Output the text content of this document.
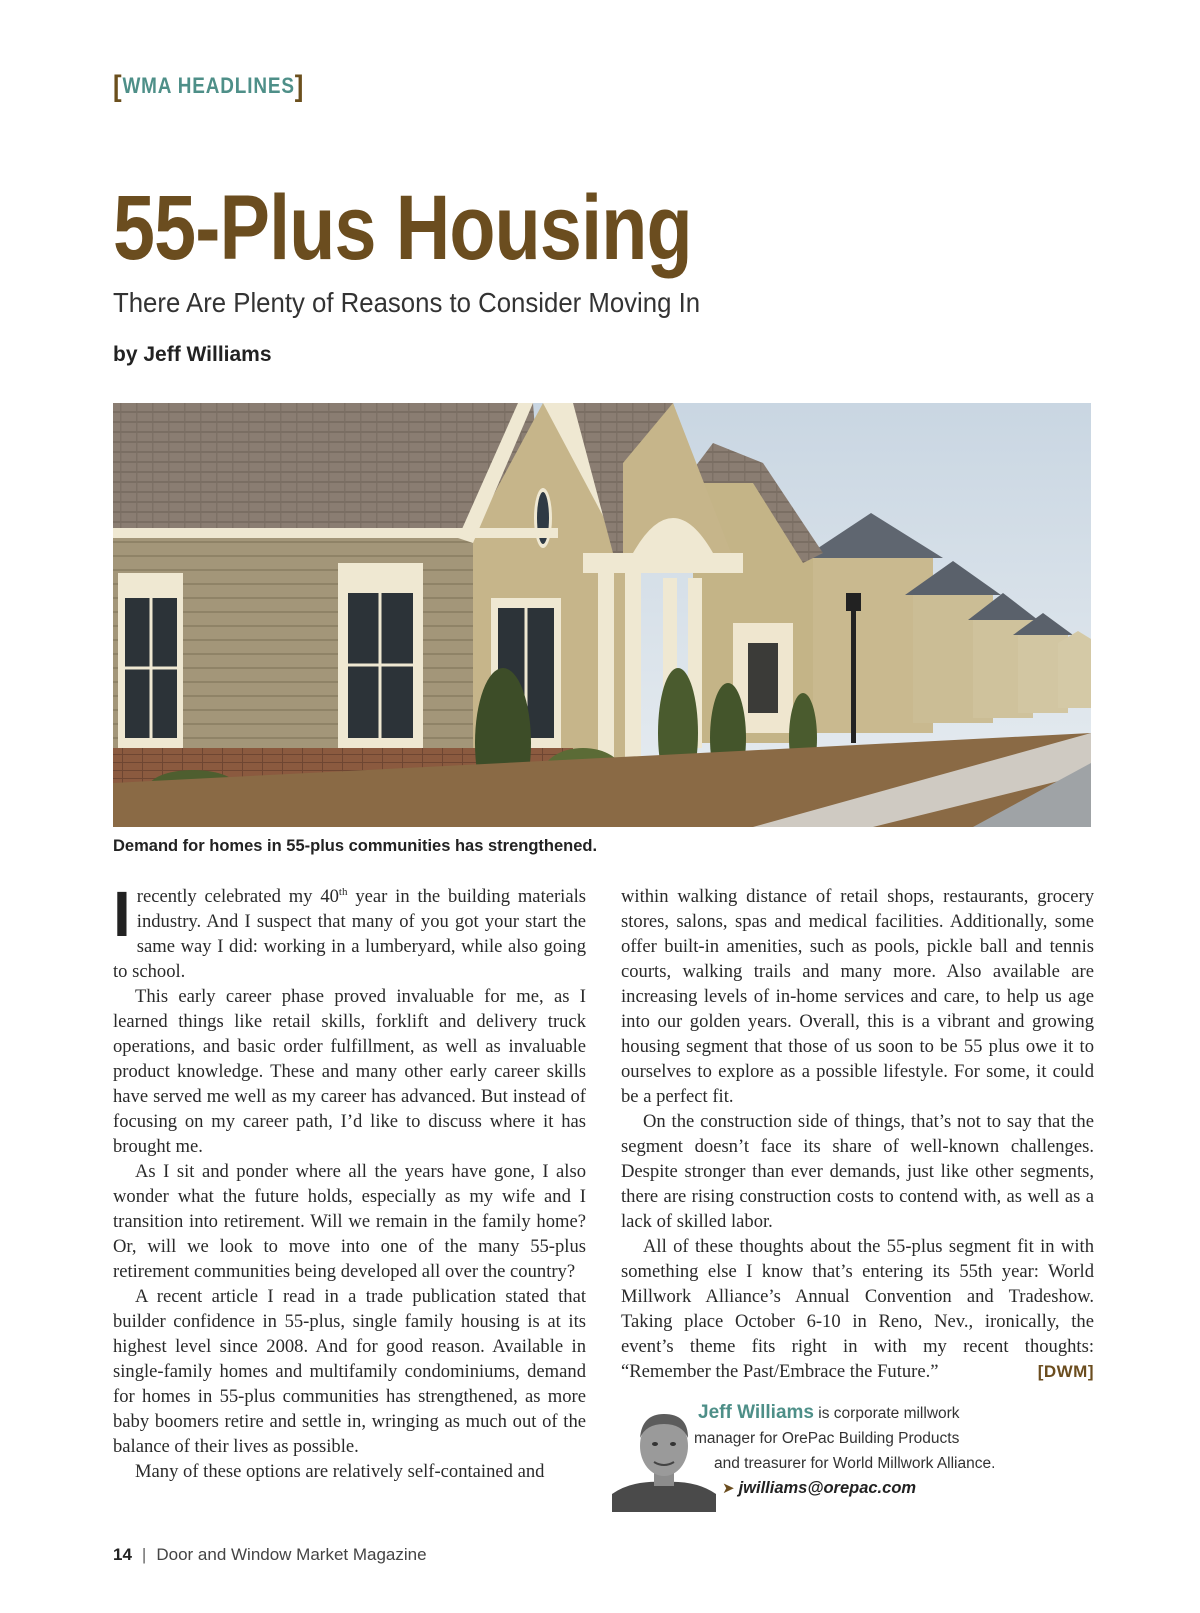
[WMA HEADLINES]
55-Plus Housing
There Are Plenty of Reasons to Consider Moving In
by Jeff Williams
Demand for homes in 55-plus communities has strengthened.

Irecently celebrated my 40th year in the building materials industry. And I suspect that many of you got your start the same way I did: working in a lumberyard, while also going to school.

This early career phase proved invaluable for me, as I learned things like retail skills, forklift and delivery truck operations, and basic order fulfillment, as well as invaluable product knowledge. These and many other early career skills have served me well as my career has advanced. But instead of focusing on my career path, I’d like to discuss where it has brought me.

As I sit and ponder where all the years have gone, I also wonder what the future holds, especially as my wife and I transition into retirement. Will we remain in the family home? Or, will we look to move into one of the many 55-plus retirement communities being developed all over the country?

A recent article I read in a trade publication stated that builder confidence in 55-plus, single family housing is at its highest level since 2008. And for good reason. Available in single-family homes and multifamily condominiums, demand for homes in 55-plus communities has strengthened, as more baby boomers retire and settle in, wringing as much out of the balance of their lives as possible.

Many of these options are relatively self-contained and

within walking distance of retail shops, restaurants, grocery stores, salons, spas and medical facilities. Additionally, some offer built-in amenities, such as pools, pickle ball and tennis courts, walking trails and many more. Also available are increasing levels of in-home services and care, to help us age into our golden years. Overall, this is a vibrant and growing housing segment that those of us soon to be 55 plus owe it to ourselves to explore as a possible lifestyle. For some, it could be a perfect fit.

On the construction side of things, that’s not to say that the segment doesn’t face its share of well-known challenges. Despite stronger than ever demands, just like other segments, there are rising construction costs to contend with, as well as a lack of skilled labor.

All of these thoughts about the 55-plus segment fit in with something else I know that’s entering its 55th year: World Millwork Alliance’s Annual Convention and Tradeshow. Taking place October 6-10 in Reno, Nev., ironically, the event’s theme fits right in with my recent thoughts: “Remember the Past/Embrace the Future.”	[DWM]

Jeff Williams is corporate millwork
manager for OrePac Building Products
and treasurer for World Millwork Alliance.
➤ jwilliams@orepac.com
14 | Door and Window Market Magazine
